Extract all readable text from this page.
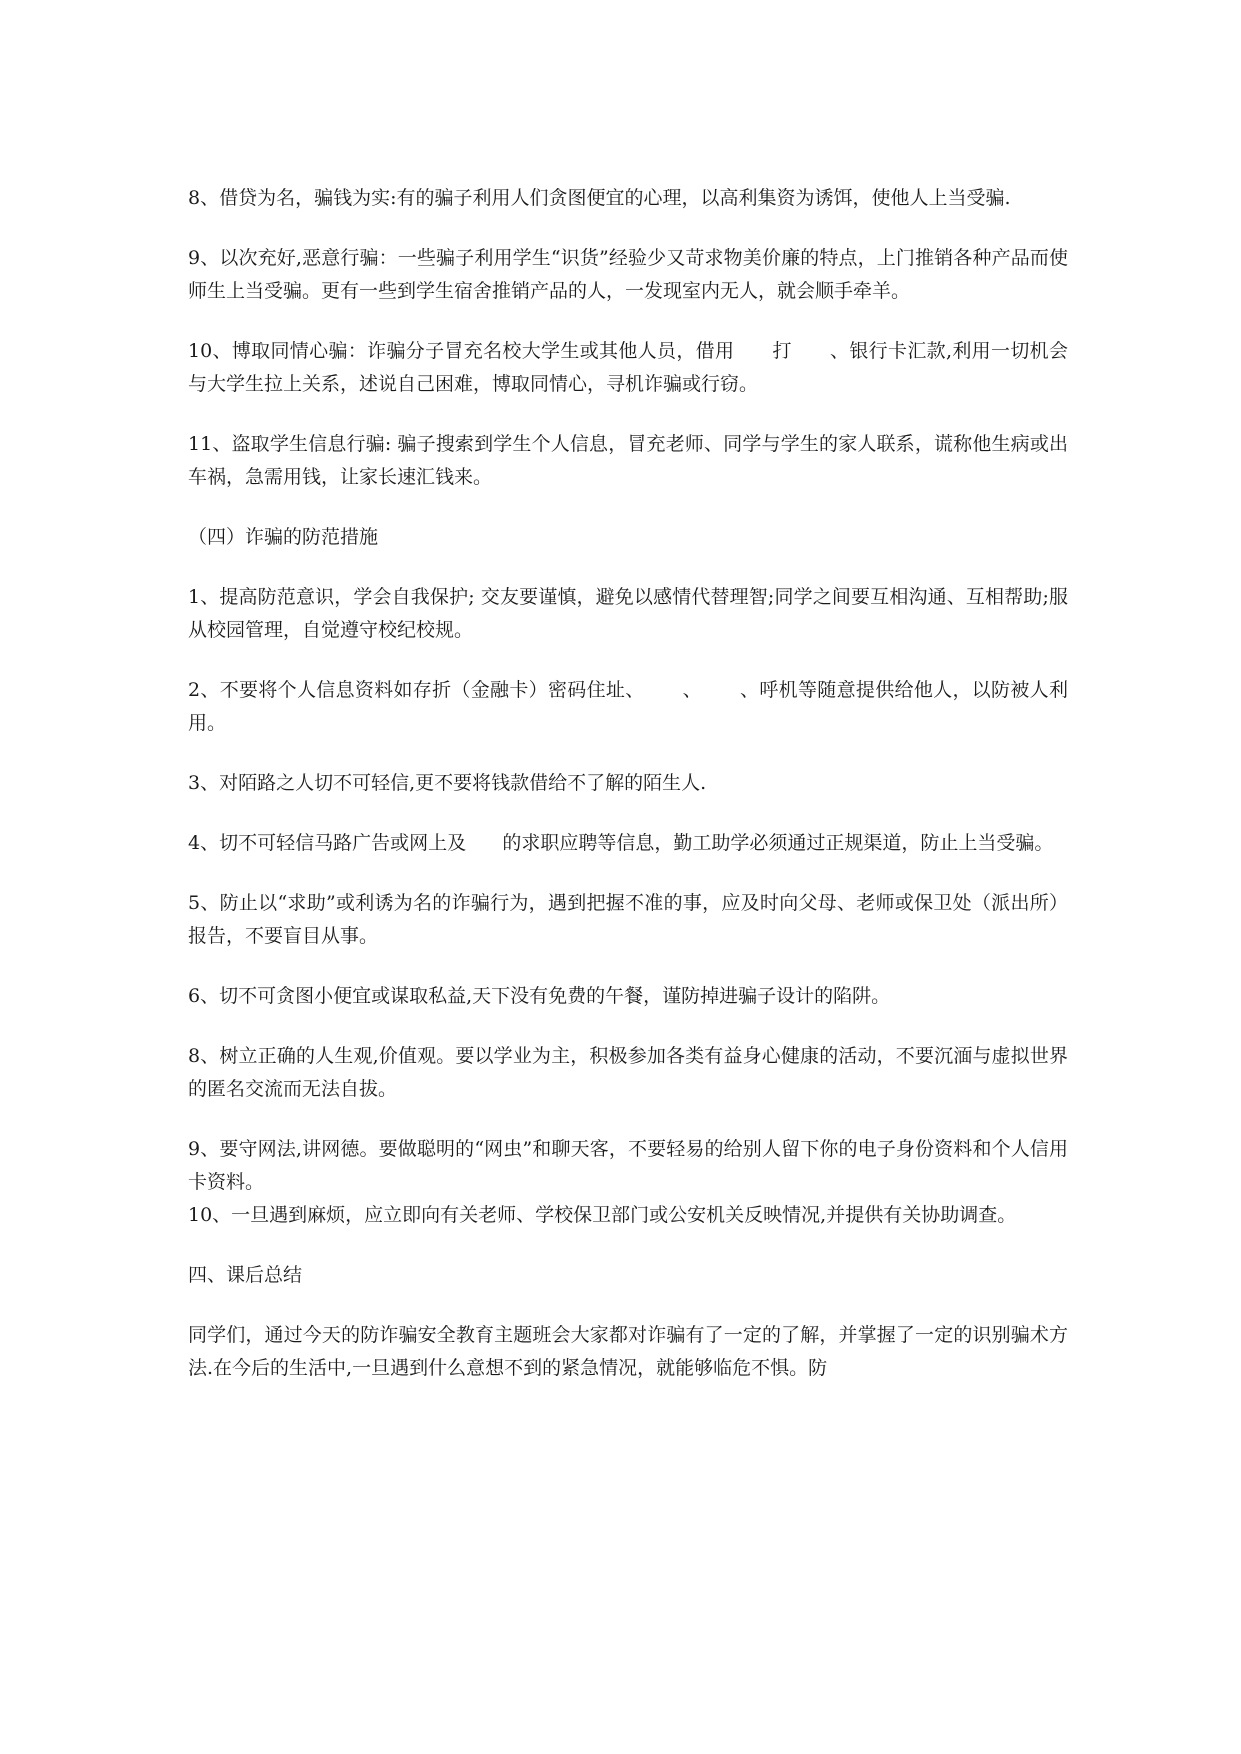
8、借贷为名，骗钱为实:有的骗子利用人们贪图便宜的心理，以高利集资为诱饵，使他人上当受骗.

9、以次充好,恶意行骗：一些骗子利用学生“识货”经验少又苛求物美价廉的特点，上门推销各种产品而使师生上当受骗。更有一些到学生宿舍推销产品的人，一发现室内无人，就会顺手牵羊。

10、博取同情心骗：诈骗分子冒充名校大学生或其他人员，借用      打      、银行卡汇款,利用一切机会与大学生拉上关系，述说自己困难，博取同情心，寻机诈骗或行窃。

11、盗取学生信息行骗: 骗子搜索到学生个人信息，冒充老师、同学与学生的家人联系，谎称他生病或出车祸，急需用钱，让家长速汇钱来。

（四）诈骗的防范措施

1、提高防范意识，学会自我保护; 交友要谨慎，避免以感情代替理智;同学之间要互相沟通、互相帮助;服从校园管理，自觉遵守校纪校规。

2、不要将个人信息资料如存折（金融卡）密码住址、      、      、呼机等随意提供给他人，以防被人利用。

3、对陌路之人切不可轻信,更不要将钱款借给不了解的陌生人.

4、切不可轻信马路广告或网上及      的求职应聘等信息，勤工助学必须通过正规渠道，防止上当受骗。

5、防止以“求助”或利诱为名的诈骗行为，遇到把握不准的事，应及时向父母、老师或保卫处（派出所）报告，不要盲目从事。

6、切不可贪图小便宜或谋取私益,天下没有免费的午餐，谨防掉进骗子设计的陷阱。

8、树立正确的人生观,价值观。要以学业为主，积极参加各类有益身心健康的活动，不要沉湎与虚拟世界的匿名交流而无法自拔。

9、要守网法,讲网德。要做聪明的“网虫”和聊天客，不要轻易的给别人留下你的电子身份资料和个人信用卡资料。

10、一旦遇到麻烦，应立即向有关老师、学校保卫部门或公安机关反映情况,并提供有关协助调查。

四、课后总结

同学们，通过今天的防诈骗安全教育主题班会大家都对诈骗有了一定的了解，并掌握了一定的识别骗术方法.在今后的生活中,一旦遇到什么意想不到的紧急情况，就能够临危不惧。防
